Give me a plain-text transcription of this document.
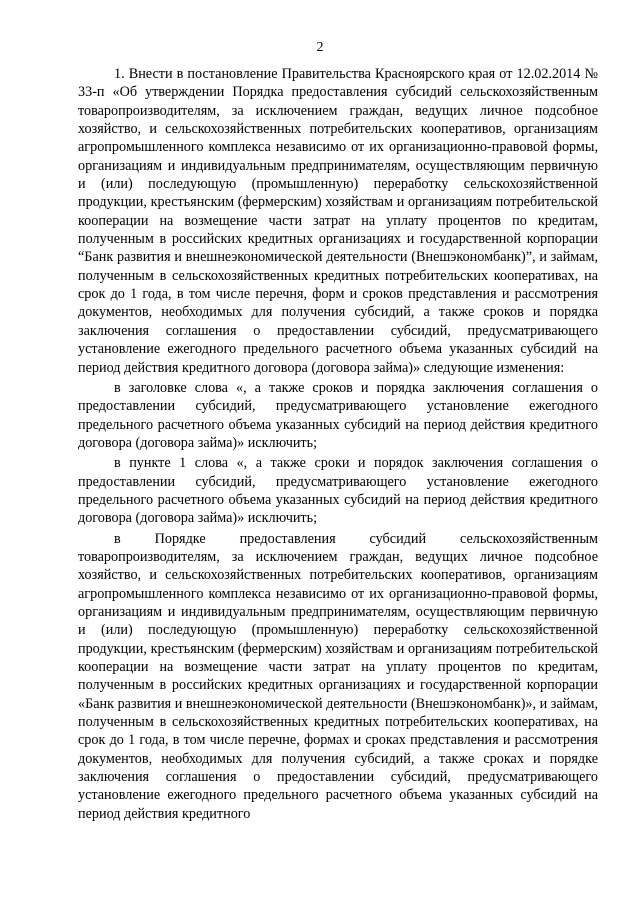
2

1. Внести в постановление Правительства Красноярского края от 12.02.2014 № 33-п «Об утверждении Порядка предоставления субсидий сельскохозяйственным товаропроизводителям, за исключением граждан, ведущих личное подсобное хозяйство, и сельскохозяйственных потребительских кооперативов, организациям агропромышленного комплекса независимо от их организационно-правовой формы, организациям и индивидуальным предпринимателям, осуществляющим первичную и (или) последующую (промышленную) переработку сельскохозяйственной продукции, крестьянским (фермерским) хозяйствам и организациям потребительской кооперации на возмещение части затрат на уплату процентов по кредитам, полученным в российских кредитных организациях и государственной корпорации “Банк развития и внешнеэкономической деятельности (Внешэкономбанк)”, и займам, полученным в сельскохозяйственных кредитных потребительских кооперативах, на срок до 1 года, в том числе перечня, форм и сроков представления и рассмотрения документов, необходимых для получения субсидий, а также сроков и порядка заключения соглашения о предоставлении субсидий, предусматривающего установление ежегодного предельного расчетного объема указанных субсидий на период действия кредитного договора (договора займа)» следующие изменения:

в заголовке слова «, а также сроков и порядка заключения соглашения о предоставлении субсидий, предусматривающего установление ежегодного предельного расчетного объема указанных субсидий на период действия кредитного договора (договора займа)» исключить;

в пункте 1 слова «, а также сроки и порядок заключения соглашения о предоставлении субсидий, предусматривающего установление ежегодного предельного расчетного объема указанных субсидий на период действия кредитного договора (договора займа)» исключить;

в Порядке предоставления субсидий сельскохозяйственным товаропроизводителям, за исключением граждан, ведущих личное подсобное хозяйство, и сельскохозяйственных потребительских кооперативов, организациям агропромышленного комплекса независимо от их организационно-правовой формы, организациям и индивидуальным предпринимателям, осуществляющим первичную и (или) последующую (промышленную) переработку сельскохозяйственной продукции, крестьянским (фермерским) хозяйствам и организациям потребительской кооперации на возмещение части затрат на уплату процентов по кредитам, полученным в российских кредитных организациях и государственной корпорации «Банк развития и внешнеэкономической деятельности (Внешэкономбанк)», и займам, полученным в сельскохозяйственных кредитных потребительских кооперативах, на срок до 1 года, в том числе перечне, формах и сроках представления и рассмотрения документов, необходимых для получения субсидий, а также сроках и порядке заключения соглашения о предоставлении субсидий, предусматривающего установление ежегодного предельного расчетного объема указанных субсидий на период действия кредитного
